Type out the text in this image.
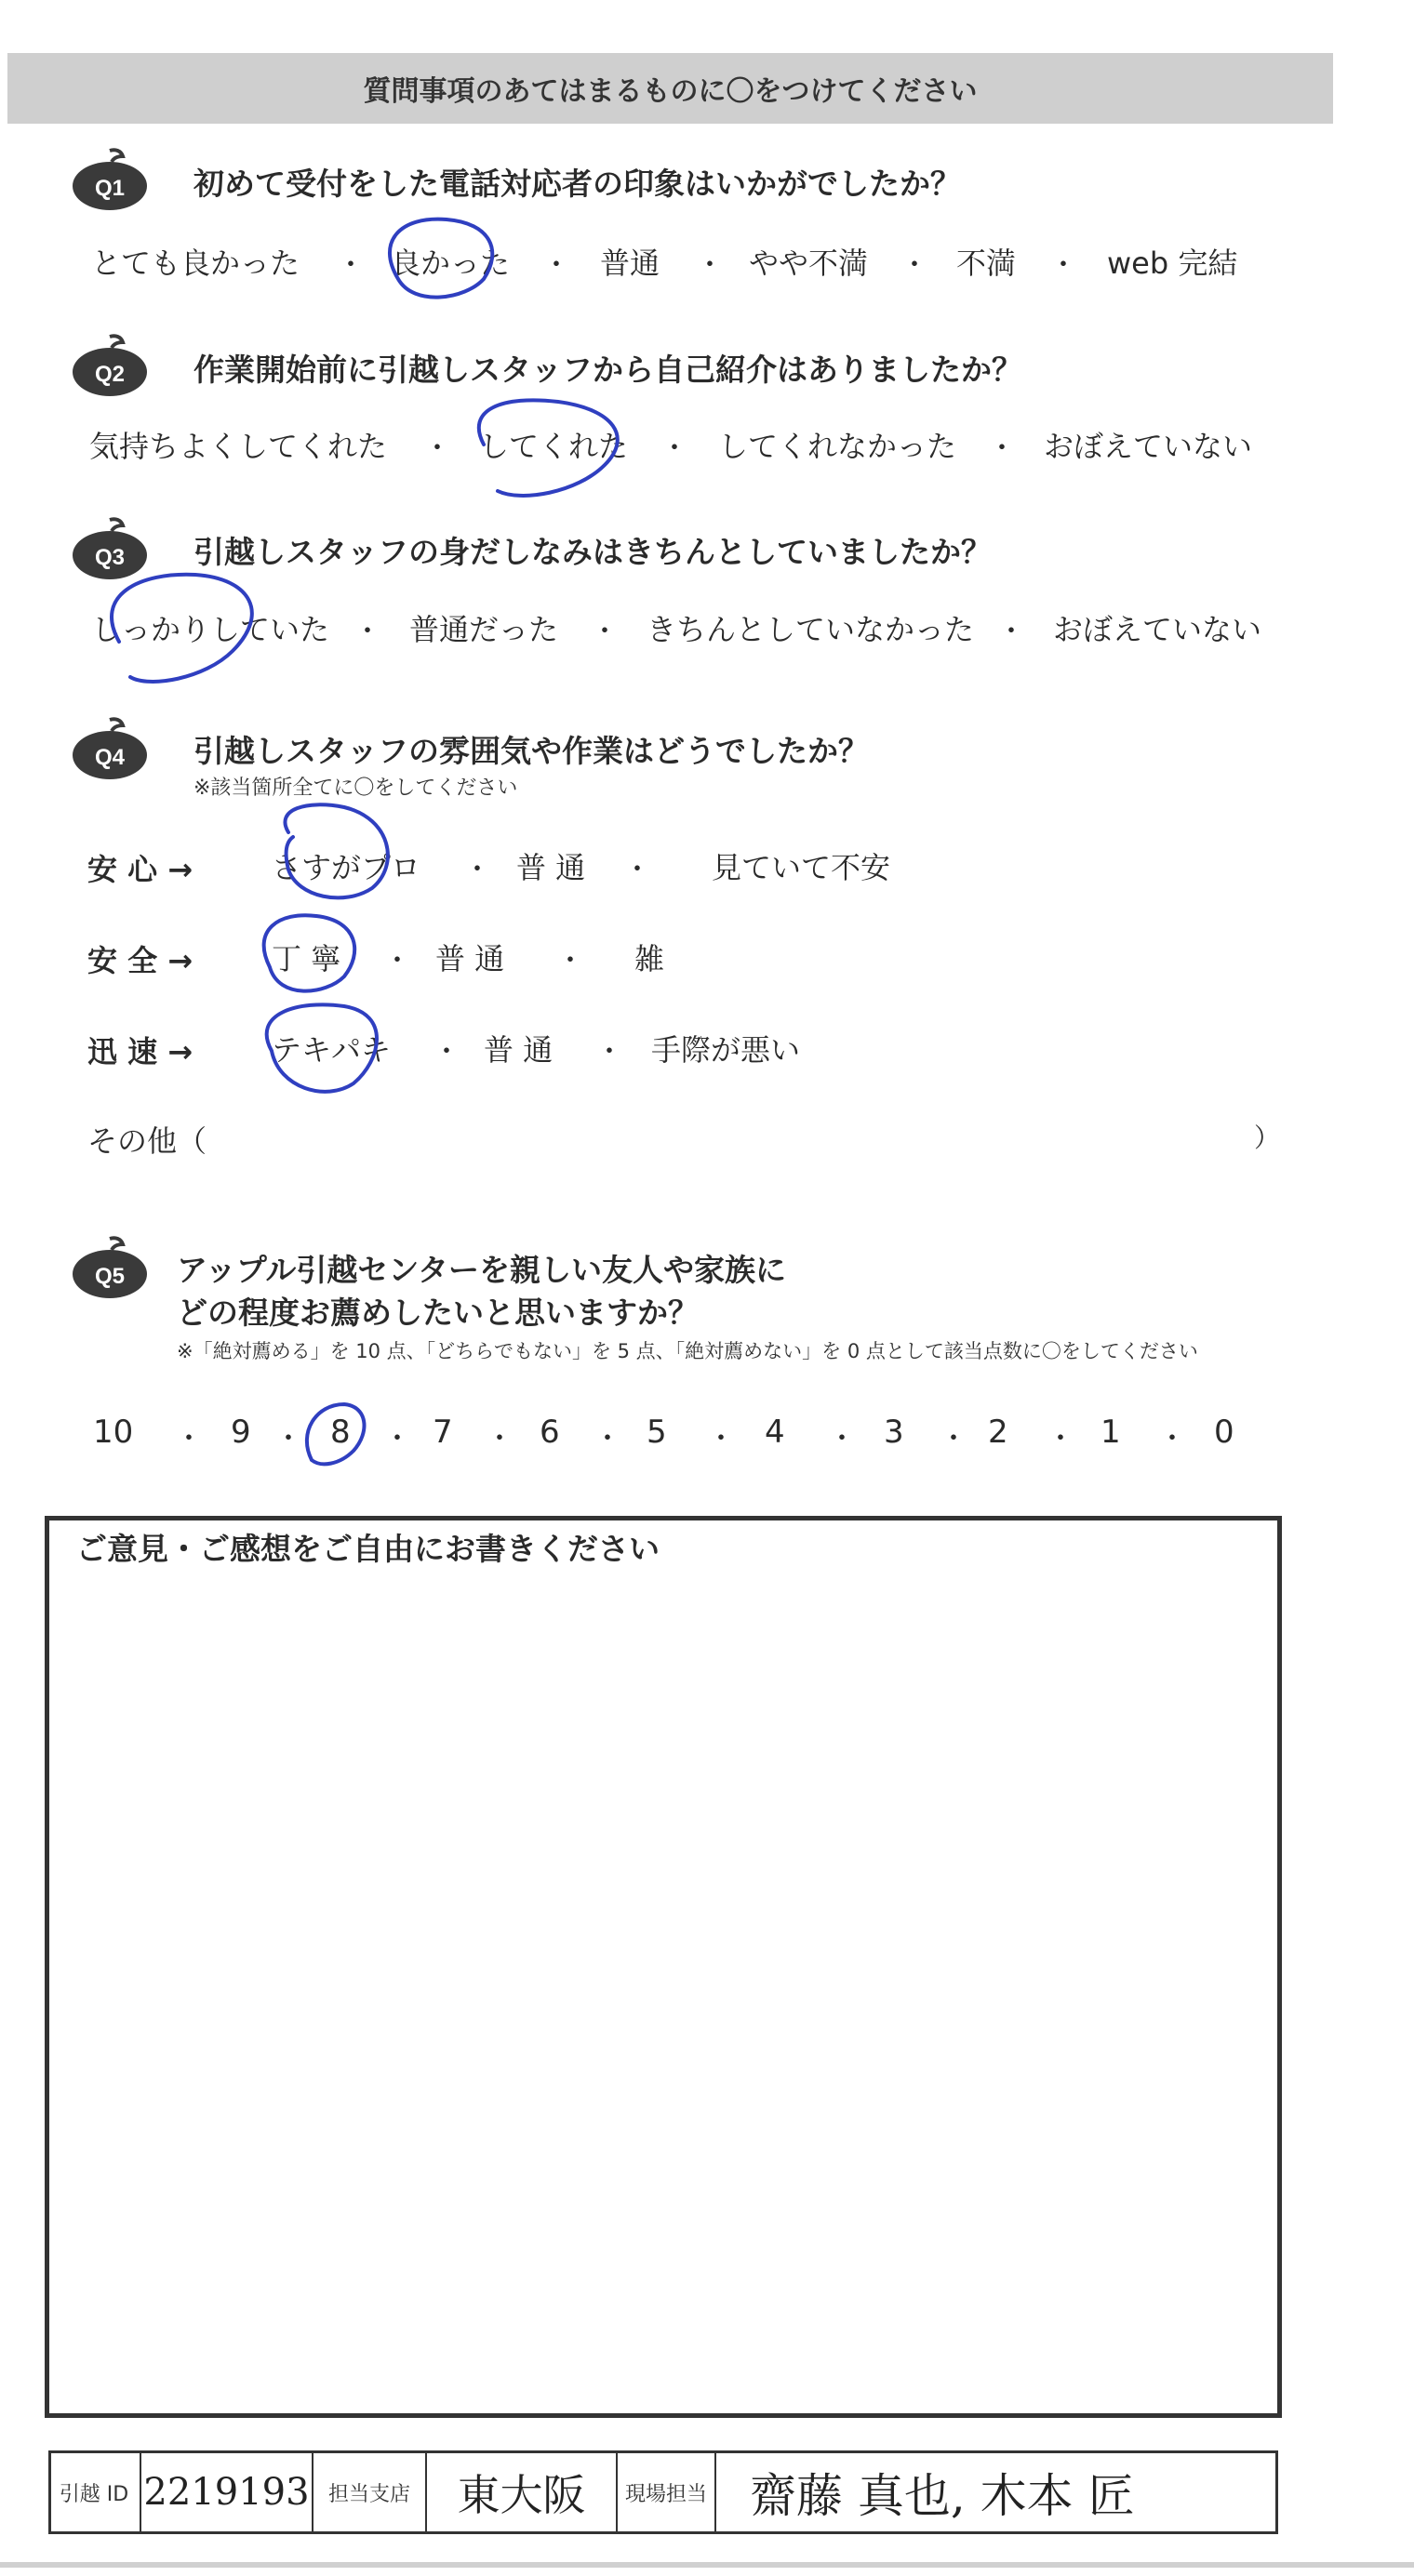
質問事項のあてはまるものに〇をつけてください
Q1 初めて受付をした電話対応者の印象はいかがでしたか？
とても良かった ・ 良かった ・ 普通 ・ やや不満 ・ 不満 ・ web 完結
Q2 作業開始前に引越しスタッフから自己紹介はありましたか？
気持ちよくしてくれた ・ してくれた ・ してくれなかった ・ おぼえていない
Q3 引越しスタッフの身だしなみはきちんとしていましたか？
しっかりしていた ・ 普通だった ・ きちんとしていなかった ・ おぼえていない
Q4 引越しスタッフの雰囲気や作業はどうでしたか？
※該当箇所全てに〇をしてください
安 心 →	さすがプロ ・ 普 通 ・ 見ていて不安
安 全 →	丁 寧 ・ 普 通 ・ 雑
迅 速 →	テキパキ ・ 普 通 ・ 手際が悪い
その他（	）
Q5 アップル引越センターを親しい友人や家族に
どの程度お薦めしたいと思いますか？
※「絶対薦める」を 10 点、「どちらでもない」を 5 点、「絶対薦めない」を 0 点として該当点数に〇をしてください
10 ・ 9 ・ 8 ・ 7 ・ 6 ・ 5 ・ 4 ・ 3 ・ 2 ・ 1 ・ 0
ご意見・ご感想をご自由にお書きください
引越 ID 2219193 担当支店	東大阪	現場担当 齋藤 真也, 木本 匠
